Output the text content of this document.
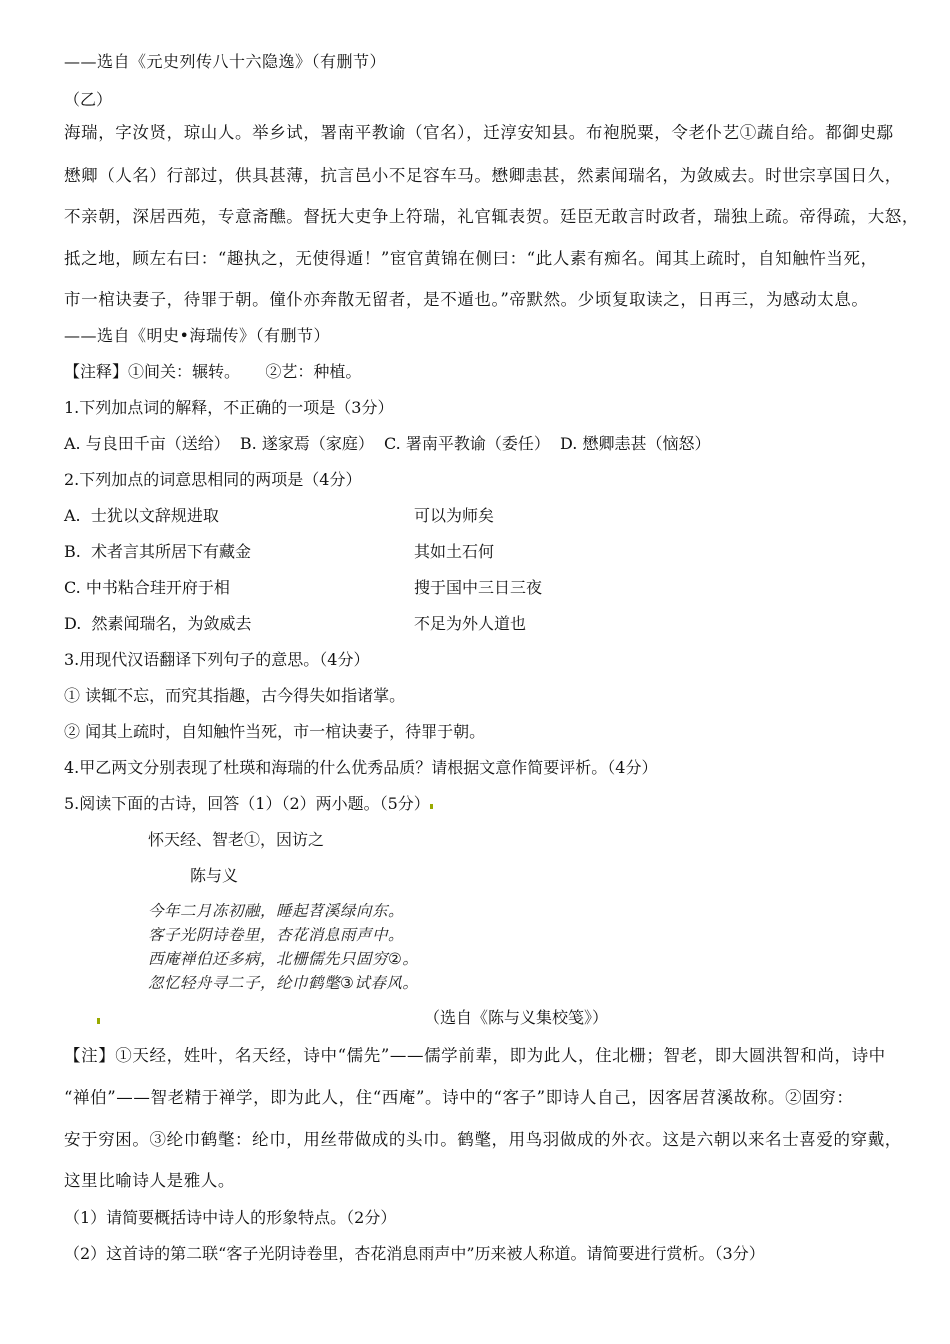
——选自《元史列传八十六隐逸》（有删节）
（乙）
海瑞，字汝贤，琼山人。举乡试，署南平教谕（官名），迁淳安知县。布袍脱粟，令老仆艺①蔬自给。都御史鄢
懋卿（人名）行部过，供具甚薄，抗言邑小不足容车马。懋卿恚甚，然素闻瑞名，为敛威去。时世宗享国日久，
不亲朝，深居西苑，专意斋醮。督抚大吏争上符瑞，礼官辄表贺。廷臣无敢言时政者，瑞独上疏。帝得疏，大怒，
抵之地，顾左右曰：“趣执之，无使得遁！”宦官黄锦在侧曰：“此人素有痴名。闻其上疏时，自知触忤当死，
市一棺诀妻子，待罪于朝。僮仆亦奔散无留者，是不遁也。”帝默然。少顷复取读之，日再三，为感动太息。
——选自《明史•海瑞传》（有删节）
【注释】①间关：辗转。     ②艺：种植。
1.下列加点词的解释，不正确的一项是（3分）
A. 与良田千亩（送给）  B. 遂家焉（家庭）  C. 署南平教谕（委任）  D. 懋卿恚甚（恼怒）
2.下列加点的词意思相同的两项是（4分）
A.  士犹以文辞规进取	可以为师矣
B.  术者言其所居下有藏金	其如土石何
C. 中书粘合珪开府于相	搜于国中三日三夜
D.  然素闻瑞名，为敛威去	不足为外人道也
3.用现代汉语翻译下列句子的意思。（4分）
① 读辄不忘，而究其指趣，古今得失如指诸掌。
② 闻其上疏时，自知触忤当死，市一棺诀妻子，待罪于朝。
4.甲乙两文分别表现了杜瑛和海瑞的什么优秀品质？请根据文意作简要评析。（4分）
5.阅读下面的古诗，回答（1）（2）两小题。（5分）
怀天经、智老①，因访之
陈与义
今年二月冻初融，睡起苕溪绿向东。
客子光阴诗卷里，杏花消息雨声中。
西庵禅伯还多病，北栅儒先只固穷②。
忽忆轻舟寻二子，纶巾鹤氅③试春风。
（选自《陈与义集校笺》）
【注】①天经，姓叶，名天经，诗中“儒先”——儒学前辈，即为此人，住北栅；智老，即大圆洪智和尚，诗中
“禅伯”——智老精于禅学，即为此人，住“西庵”。诗中的“客子”即诗人自己，因客居苕溪故称。②固穷：
安于穷困。③纶巾鹤氅：纶巾，用丝带做成的头巾。鹤氅，用鸟羽做成的外衣。这是六朝以来名士喜爱的穿戴，
这里比喻诗人是雅人。
（1）请简要概括诗中诗人的形象特点。（2分）
（2）这首诗的第二联“客子光阴诗卷里，杏花消息雨声中”历来被人称道。请简要进行赏析。（3分）
